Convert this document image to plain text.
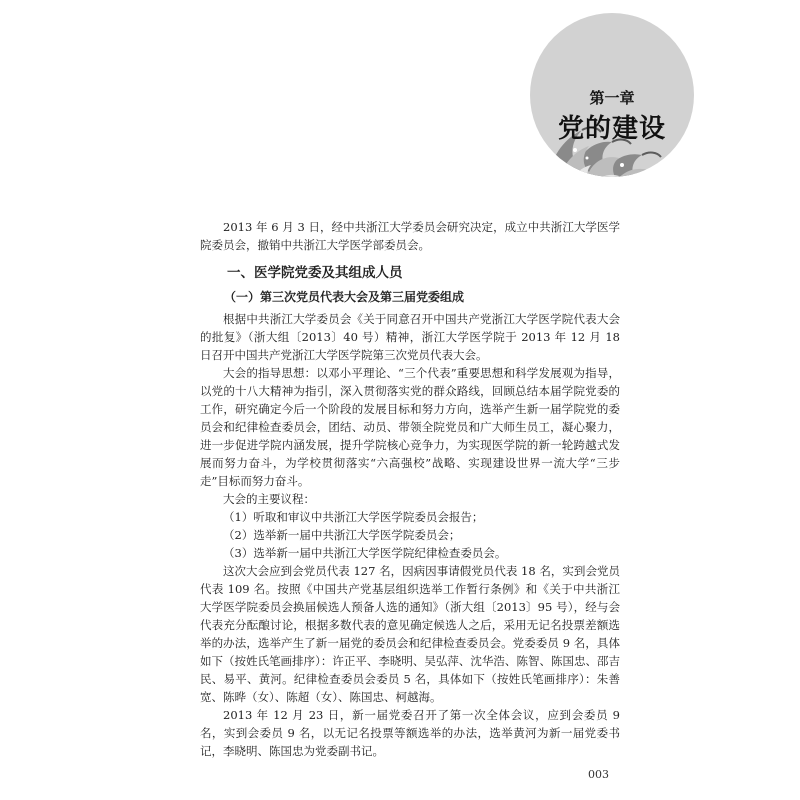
第一章
党的建设

2013 年 6 月 3 日，经中共浙江大学委员会研究决定，成立中共浙江大学医学院委员会，撤销中共浙江大学医学部委员会。

一、医学院党委及其组成人员
（一）第三次党员代表大会及第三届党委组成

根据中共浙江大学委员会《关于同意召开中国共产党浙江大学医学院代表大会的批复》（浙大组〔2013〕40 号）精神，浙江大学医学院于 2013 年 12 月 18 日召开中国共产党浙江大学医学院第三次党员代表大会。

大会的指导思想：以邓小平理论、“三个代表”重要思想和科学发展观为指导，以党的十八大精神为指引，深入贯彻落实党的群众路线，回顾总结本届学院党委的工作，研究确定今后一个阶段的发展目标和努力方向，选举产生新一届学院党的委员会和纪律检查委员会，团结、动员、带领全院党员和广大师生员工，凝心聚力，进一步促进学院内涵发展，提升学院核心竞争力，为实现医学院的新一轮跨越式发展而努力奋斗，为学校贯彻落实“六高强校”战略、实现建设世界一流大学“三步走”目标而努力奋斗。

大会的主要议程：

（1）听取和审议中共浙江大学医学院委员会报告；

（2）选举新一届中共浙江大学医学院委员会；

（3）选举新一届中共浙江大学医学院纪律检查委员会。

这次大会应到会党员代表 127 名，因病因事请假党员代表 18 名，实到会党员代表 109 名。按照《中国共产党基层组织选举工作暂行条例》和《关于中共浙江大学医学院委员会换届候选人预备人选的通知》（浙大组〔2013〕95 号），经与会代表充分酝酿讨论，根据多数代表的意见确定候选人之后，采用无记名投票差额选举的办法，选举产生了新一届党的委员会和纪律检查委员会。党委委员 9 名，具体如下（按姓氏笔画排序）：许正平、李晓明、吴弘萍、沈华浩、陈智、陈国忠、邵吉民、易平、黄河。纪律检查委员会委员 5 名，具体如下（按姓氏笔画排序）：朱善宽、陈晔（女）、陈超（女）、陈国忠、柯越海。

2013 年 12 月 23 日，新一届党委召开了第一次全体会议，应到会委员 9 名，实到会委员 9 名，以无记名投票等额选举的办法，选举黄河为新一届党委书记，李晓明、陈国忠为党委副书记。

003
